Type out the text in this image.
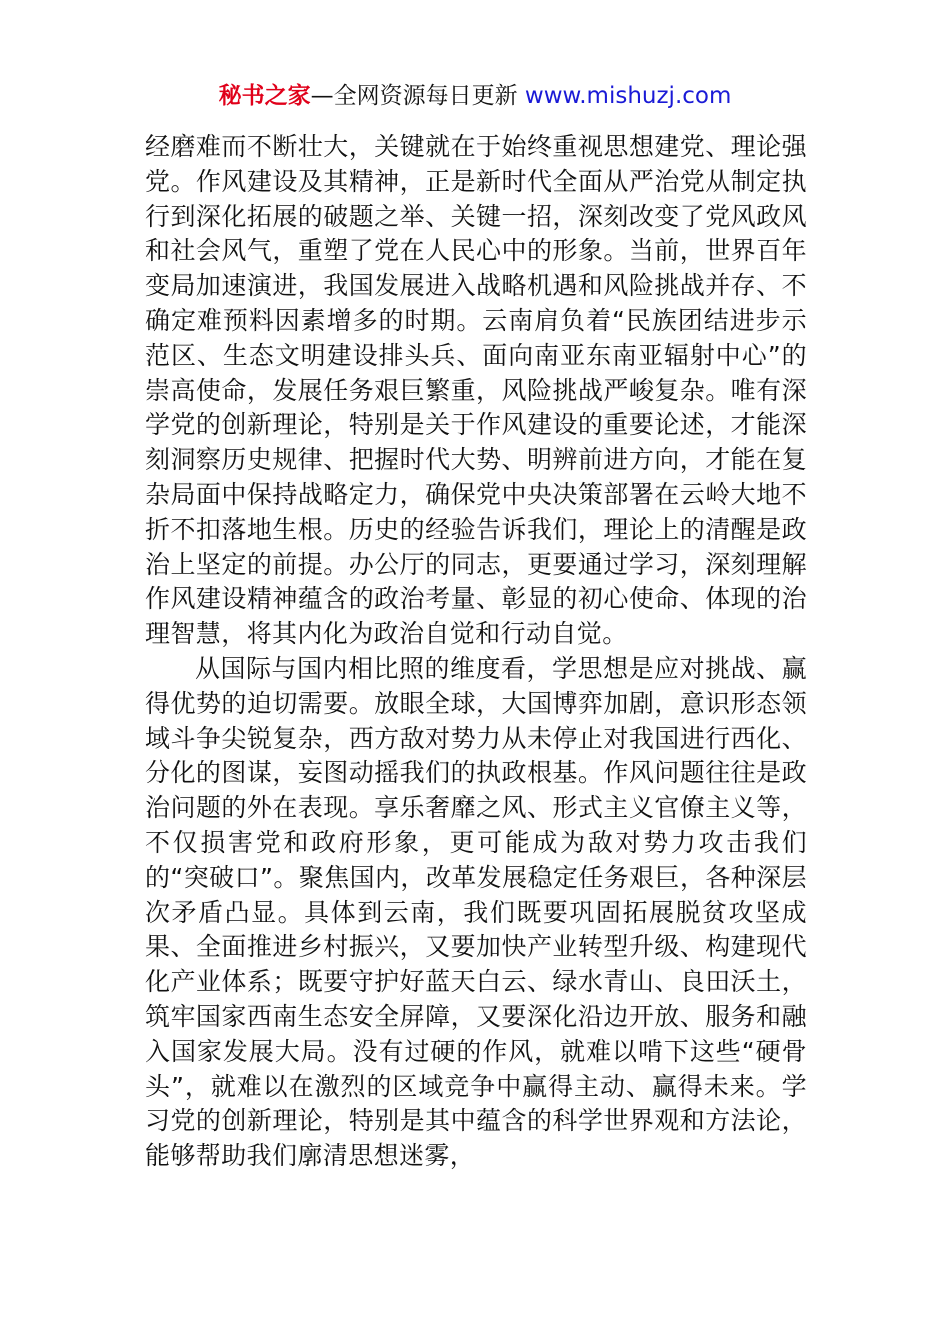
秘书之家—全网资源每日更新 www.mishuzj.com

经磨难而不断壮大，关键就在于始终重视思想建党、理论强党。作风建设及其精神，正是新时代全面从严治党从制定执行到深化拓展的破题之举、关键一招，深刻改变了党风政风和社会风气，重塑了党在人民心中的形象。当前，世界百年变局加速演进，我国发展进入战略机遇和风险挑战并存、不确定难预料因素增多的时期。云南肩负着“民族团结进步示范区、生态文明建设排头兵、面向南亚东南亚辐射中心”的崇高使命，发展任务艰巨繁重，风险挑战严峻复杂。唯有深学党的创新理论，特别是关于作风建设的重要论述，才能深刻洞察历史规律、把握时代大势、明辨前进方向，才能在复杂局面中保持战略定力，确保党中央决策部署在云岭大地不折不扣落地生根。历史的经验告诉我们，理论上的清醒是政治上坚定的前提。办公厅的同志，更要通过学习，深刻理解作风建设精神蕴含的政治考量、彰显的初心使命、体现的治理智慧，将其内化为政治自觉和行动自觉。

从国际与国内相比照的维度看，学思想是应对挑战、赢得优势的迫切需要。放眼全球，大国博弈加剧，意识形态领域斗争尖锐复杂，西方敌对势力从未停止对我国进行西化、分化的图谋，妄图动摇我们的执政根基。作风问题往往是政治问题的外在表现。享乐奢靡之风、形式主义官僚主义等，不仅损害党和政府形象，更可能成为敌对势力攻击我们的“突破口”。聚焦国内，改革发展稳定任务艰巨，各种深层次矛盾凸显。具体到云南，我们既要巩固拓展脱贫攻坚成果、全面推进乡村振兴，又要加快产业转型升级、构建现代化产业体系；既要守护好蓝天白云、绿水青山、良田沃土，筑牢国家西南生态安全屏障，又要深化沿边开放、服务和融入国家发展大局。没有过硬的作风，就难以啃下这些“硬骨头”，就难以在激烈的区域竞争中赢得主动、赢得未来。学习党的创新理论，特别是其中蕴含的科学世界观和方法论，能够帮助我们廓清思想迷雾，
